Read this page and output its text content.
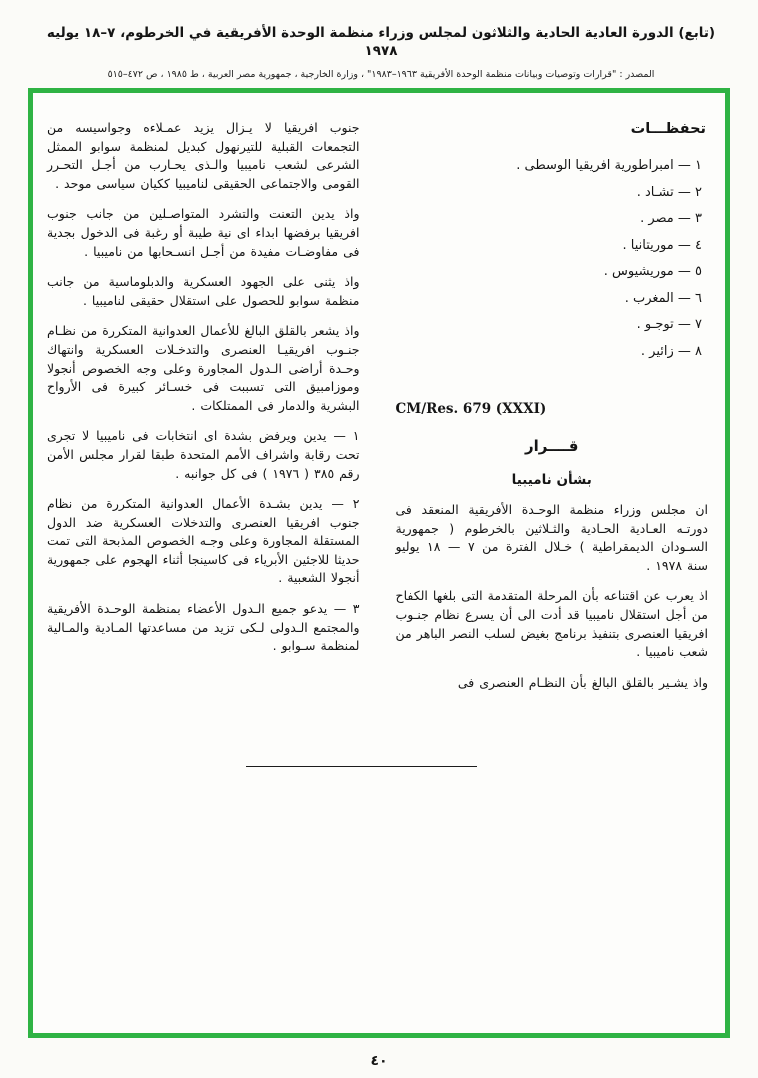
(تابع) الدورة العادية الحادية والثلاثون لمجلس وزراء منظمة الوحدة الأفريقية في الخرطوم، ٧–١٨ يوليه ١٩٧٨
المصدر : "قرارات وتوصيات وبيانات منظمة الوحدة الأفريقية ١٩٦٣–١٩٨٣" ، وزارة الخارجية ، جمهورية مصر العربية ، ط ١٩٨٥ ، ص ٤٧٢–٥١٥
تحفظـــات
١ — امبراطورية افريقيا الوسطى .
٢ — تشـاد .
٣ — مصر .
٤ — موريتانيا .
٥ — موريشيوس .
٦ — المغرب .
٧ — توجـو .
٨ — زائير .
CM/Res. 679 (XXXI)
قــــرار
بشأن ناميبيا

ان مجلس وزراء منظمة الوحـدة الأفريقية المنعقد فى دورتـه العـادية الحـادية والثـلاثين بالخرطوم ( جمهورية السـودان الديمقراطية ) خـلال الفترة من ٧ — ١٨ يوليو سنة ١٩٧٨ .

اذ يعرب عن اقتناعه بأن المرحلة المتقدمة التى بلغها الكفاح من أجل استقلال ناميبيا قد أدت الى أن يسرع نظام جنـوب افريقيا العنصرى بتنفيذ برنامج بغيض لسلب النصر الباهر من شعب ناميبيا .

واذ يشـير بالقلق البالغ بأن النظـام العنصرى فى

جنوب افريقيا لا يـزال يزيد عمـلاءه وجواسيسه من التجمعات القبلية للتيرنهول كبديل لمنظمة سوابو الممثل الشرعى لشعب ناميبيا والـذى يحـارب من أجـل التحـرر القومى والاجتماعى الحقيقى لناميبيا ككيان سياسى موحد .

واذ يدين التعنت والتشرد المتواصـلين من جانب جنوب افريقيا برفضها ابداء اى نية طيبة أو رغبة فى الدخول بجدية فى مفاوضـات مفيدة من أجـل انسـحابها من ناميبيا .

واذ يثنى على الجهود العسكرية والدبلوماسية من جانب منظمة سوابو للحصول على استقلال حقيقى لناميبيا .

واذ يشعر بالقلق البالغ للأعمال العدوانية المتكررة من نظـام جنـوب افريقيـا العنصرى والتدخـلات العسكرية وانتهاك وحـدة أراضى الـدول المجاورة وعلى وجه الخصوص أنجولا وموزامبيق التى تسببت فى خسـائر كبيرة فى الأرواح البشرية والدمار فى الممتلكات .

١ — يدين ويرفض بشدة اى انتخابات فى ناميبيا لا تجرى تحت رقابة واشراف الأمم المتحدة طبقا لقرار مجلس الأمن رقم ٣٨٥ ( ١٩٧٦ ) فى كل جوانبه .

٢ — يدين بشـدة الأعمال العدوانية المتكررة من نظام جنوب افريقيا العنصرى والتدخلات العسكرية ضد الدول المستقلة المجاورة وعلى وجـه الخصوص المذبحة التى تمت حديثا للاجئين الأبرياء فى كاسينجا أثناء الهجوم على جمهورية أنجولا الشعبية .

٣ — يدعو جميع الـدول الأعضاء بمنظمة الوحـدة الأفريقية والمجتمع الـدولى لـكى تزيد من مساعدتها المـادية والمـالية لمنظمة سـوابو .

٤٠
